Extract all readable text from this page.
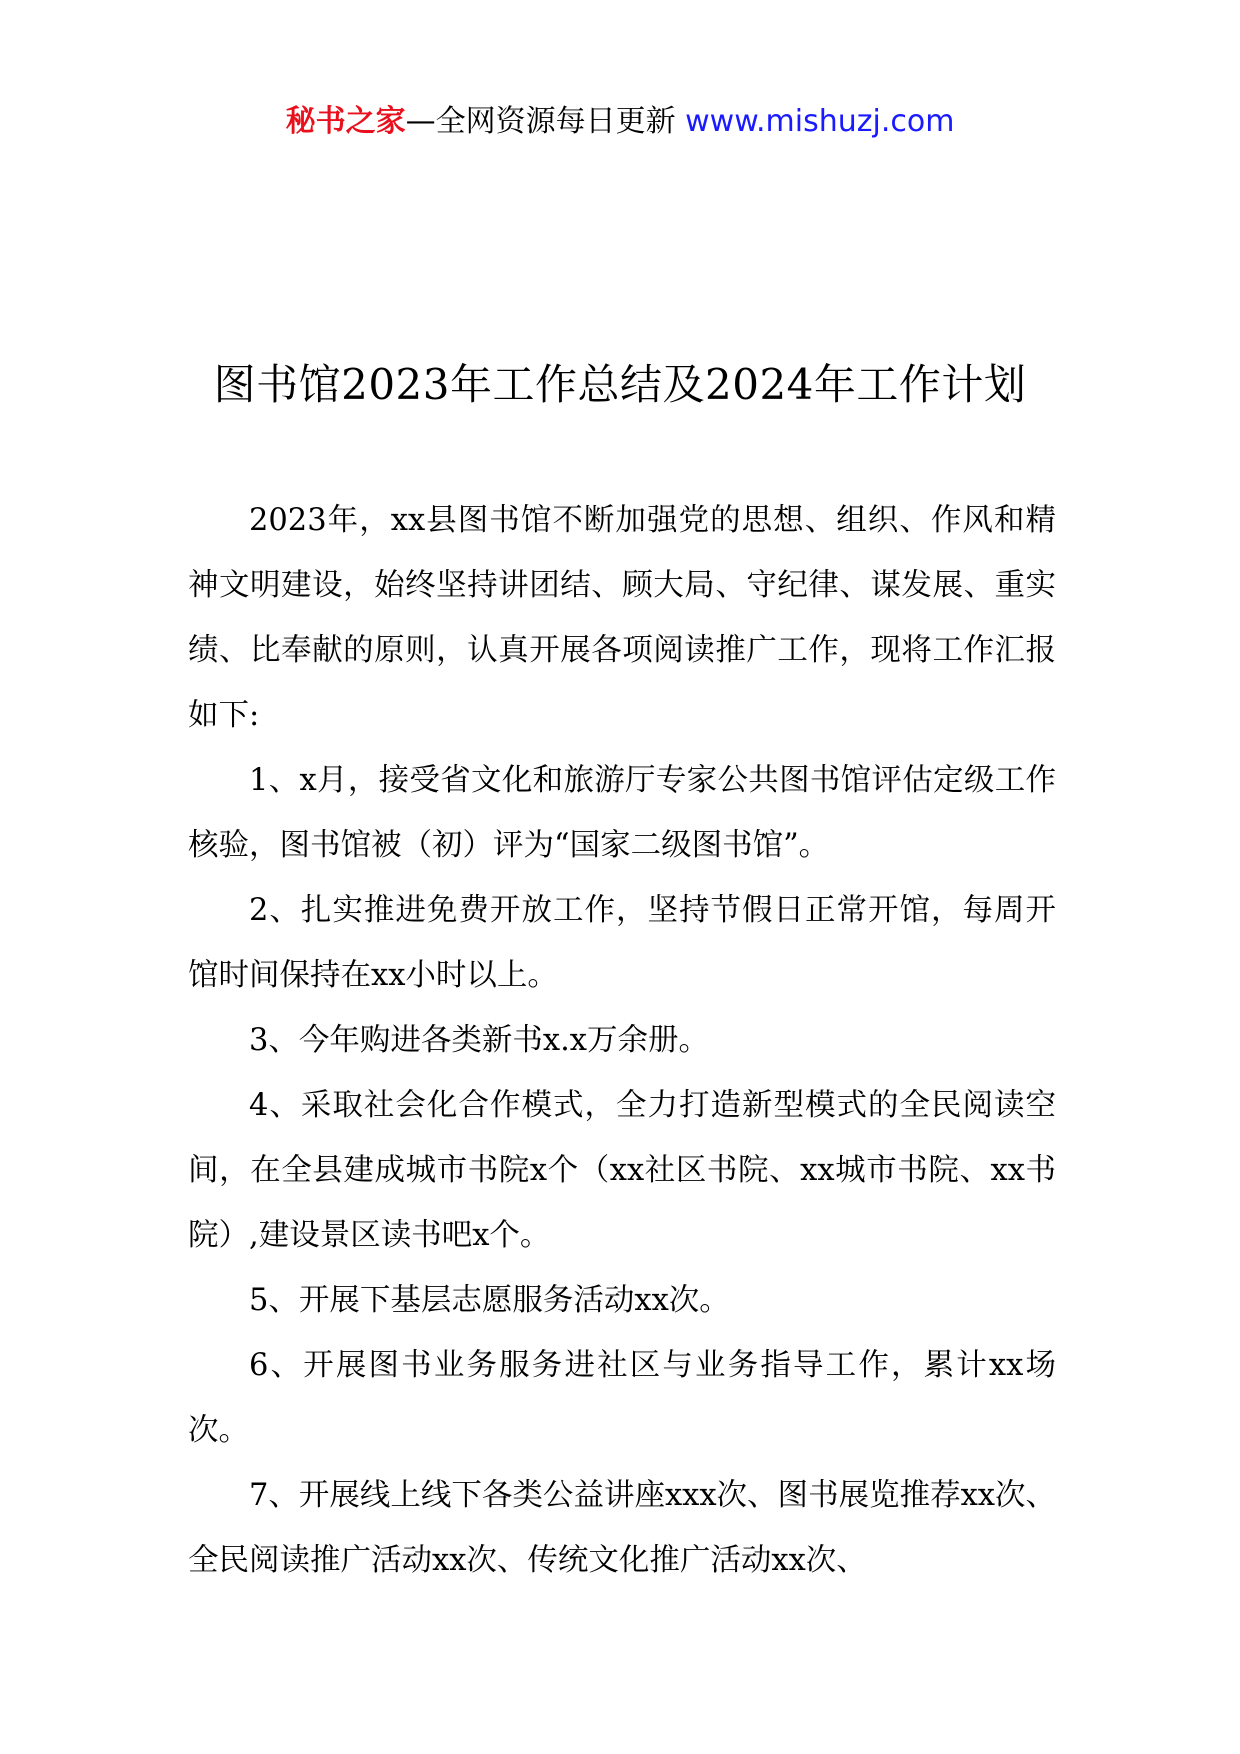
秘书之家—全网资源每日更新 www.mishuzj.com
图书馆2023年工作总结及2024年工作计划

2023年，xx县图书馆不断加强党的思想、组织、作风和精神文明建设，始终坚持讲团结、顾大局、守纪律、谋发展、重实绩、比奉献的原则，认真开展各项阅读推广工作，现将工作汇报如下:

1、x月，接受省文化和旅游厅专家公共图书馆评估定级工作核验，图书馆被（初）评为“国家二级图书馆”。

2、扎实推进免费开放工作，坚持节假日正常开馆，每周开馆时间保持在xx小时以上。

3、今年购进各类新书x.x万余册。

4、采取社会化合作模式，全力打造新型模式的全民阅读空间，在全县建成城市书院x个（xx社区书院、xx城市书院、xx书院）,建设景区读书吧x个。

5、开展下基层志愿服务活动xx次。

6、开展图书业务服务进社区与业务指导工作，累计xx场次。

7、开展线上线下各类公益讲座xxx次、图书展览推荐xx次、全民阅读推广活动xx次、传统文化推广活动xx次、
